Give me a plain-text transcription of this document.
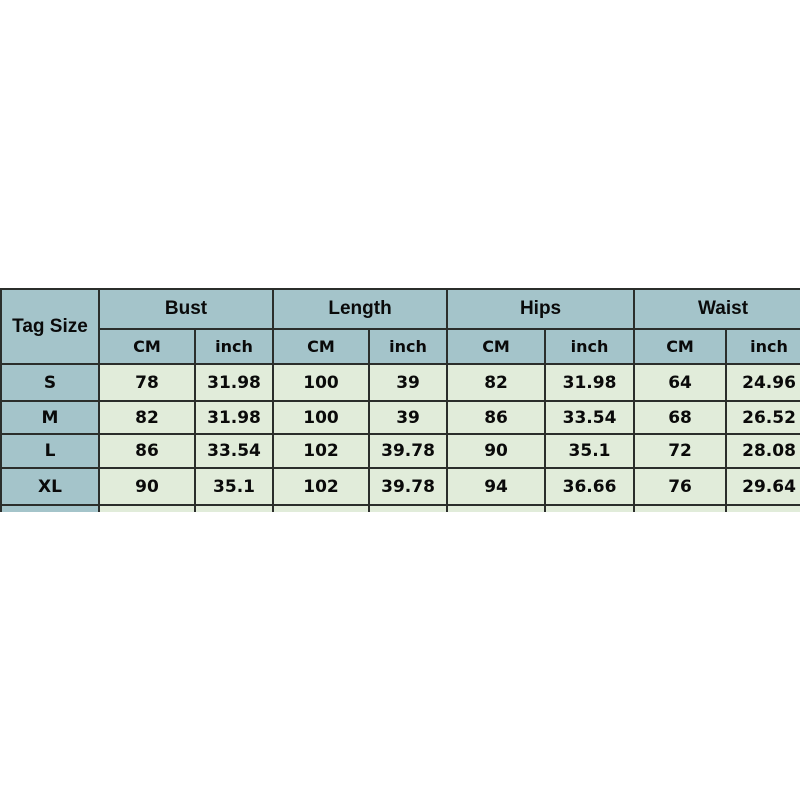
Tag Size	Bust		Length		Hips		Waist	
	CM	inch	CM	inch	CM	inch	CM	inch
S	78	31.98	100	39	82	31.98	64	24.96
M	82	31.98	100	39	86	33.54	68	26.52
L	86	33.54	102	39.78	90	35.1	72	28.08
XL	90	35.1	102	39.78	94	36.66	76	29.64
